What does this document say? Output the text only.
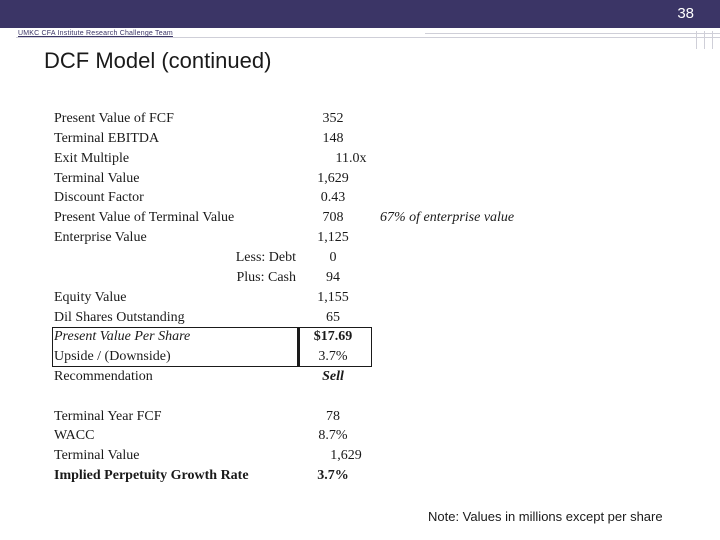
38
UMKC CFA Institute Research Challenge Team
DCF Model (continued)
Present Value of FCF	352
Terminal EBITDA	148
Exit Multiple	11.0x
Terminal Value	1,629
Discount Factor	0.43
Present Value of Terminal Value	708	67% of enterprise value
Enterprise Value	1,125
Less: Debt	0
Plus: Cash	94
Equity Value	1,155
Dil Shares Outstanding	65
Present Value Per Share	$17.69
Upside / (Downside)	3.7%
Recommendation	Sell
Terminal Year FCF	78
WACC	8.7%
Terminal Value	1,629
Implied Perpetuity Growth Rate	3.7%
Note: Values in millions except per share
